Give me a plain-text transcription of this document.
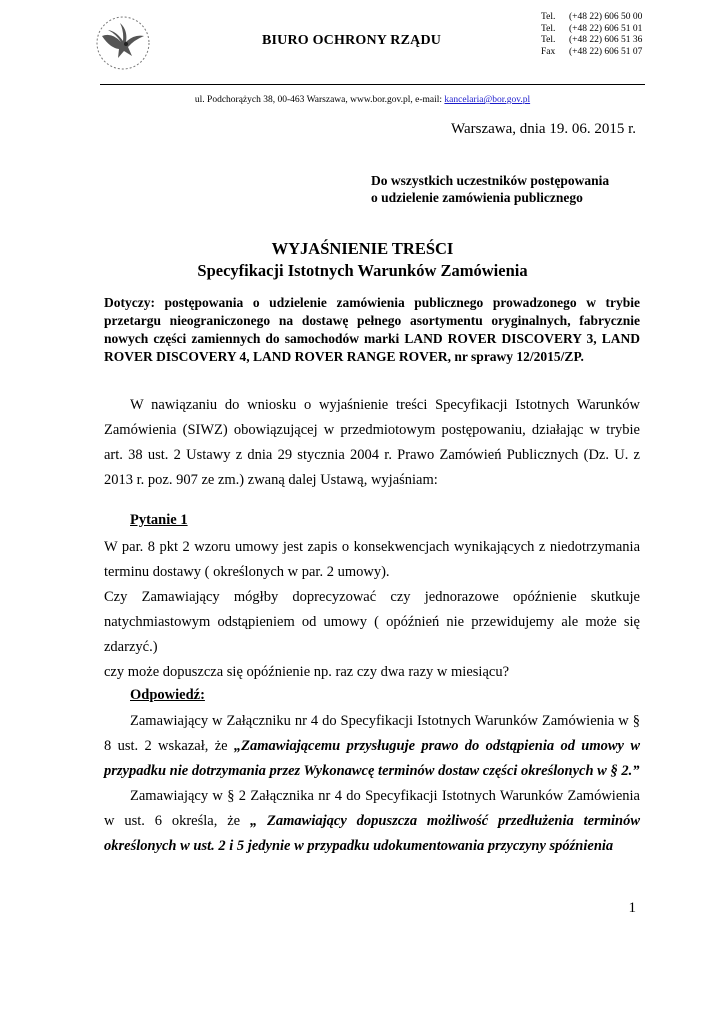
BIURO OCHRONY RZĄDU
Tel. (+48 22) 606 50 00
Tel. (+48 22) 606 51 01
Tel. (+48 22) 606 51 36
Fax (+48 22) 606 51 07
ul. Podchorążych 38, 00-463 Warszawa, www.bor.gov.pl, e-mail: kancelaria@bor.gov.pl
Warszawa, dnia 19. 06. 2015 r.
Do wszystkich uczestników postępowania
o udzielenie zamówienia publicznego
WYJAŚNIENIE TREŚCI
Specyfikacji Istotnych Warunków Zamówienia
Dotyczy: postępowania o udzielenie zamówienia publicznego prowadzonego w trybie przetargu nieograniczonego na dostawę pełnego asortymentu oryginalnych, fabrycznie nowych części zamiennych do samochodów marki LAND ROVER DISCOVERY 3, LAND ROVER DISCOVERY 4, LAND ROVER RANGE ROVER, nr sprawy 12/2015/ZP.
W nawiązaniu do wniosku o wyjaśnienie treści Specyfikacji Istotnych Warunków Zamówienia (SIWZ) obowiązującej w przedmiotowym postępowaniu, działając w trybie art. 38 ust. 2 Ustawy z dnia 29 stycznia 2004 r. Prawo Zamówień Publicznych (Dz. U. z 2013 r. poz. 907 ze zm.) zwaną dalej Ustawą, wyjaśniam:
Pytanie 1
W par. 8 pkt 2 wzoru umowy jest zapis o konsekwencjach wynikających z niedotrzymania terminu dostawy ( określonych w par. 2 umowy).
Czy Zamawiający mógłby doprecyzować czy jednorazowe opóźnienie skutkuje natychmiastowym odstąpieniem od umowy ( opóźnień nie przewidujemy ale może się zdarzyć.)
czy może dopuszcza się opóźnienie np. raz czy dwa razy w miesiącu?
Odpowiedź:
Zamawiający w Załączniku nr 4 do Specyfikacji Istotnych Warunków Zamówienia w § 8 ust. 2 wskazał, że „Zamawiającemu przysługuje prawo do odstąpienia od umowy w przypadku nie dotrzymania przez Wykonawcę terminów dostaw części określonych w § 2.”
Zamawiający w § 2 Załącznika nr 4 do Specyfikacji Istotnych Warunków Zamówienia w ust. 6 określa, że „ Zamawiający dopuszcza możliwość przedłużenia terminów określonych w ust. 2 i 5 jedynie w przypadku udokumentowania przyczyny spóźnienia
1
